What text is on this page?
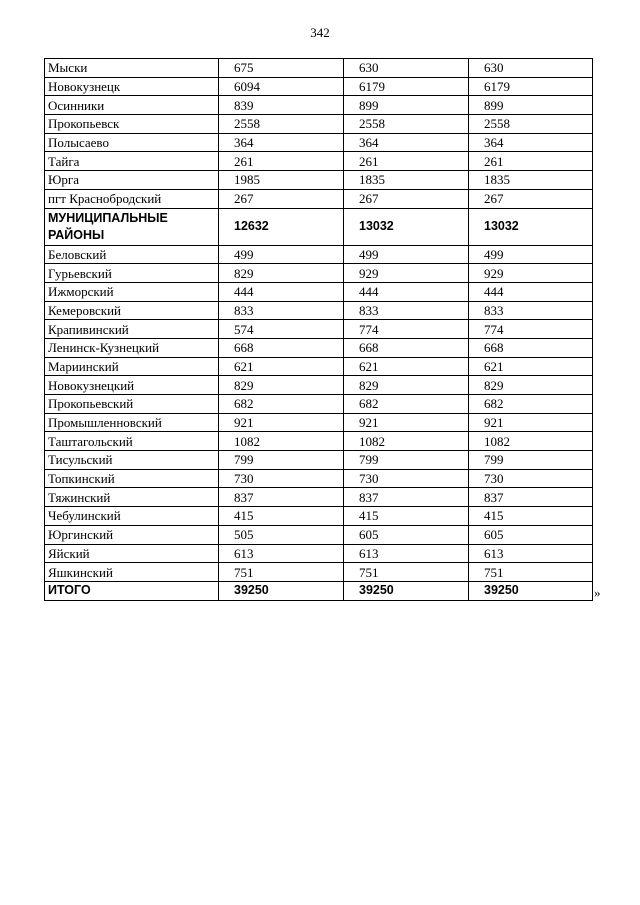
342
Мыски	675	630	630
Новокузнецк	6094	6179	6179
Осинники	839	899	899
Прокопьевск	2558	2558	2558
Полысаево	364	364	364
Тайга	261	261	261
Юрга	1985	1835	1835
пгт Краснобродский	267	267	267
МУНИЦИПАЛЬНЫЕ РАЙОНЫ	12632	13032	13032
Беловский	499	499	499
Гурьевский	829	929	929
Ижморский	444	444	444
Кемеровский	833	833	833
Крапивинский	574	774	774
Ленинск-Кузнецкий	668	668	668
Мариинский	621	621	621
Новокузнецкий	829	829	829
Прокопьевский	682	682	682
Промышленновский	921	921	921
Таштагольский	1082	1082	1082
Тисульский	799	799	799
Топкинский	730	730	730
Тяжинский	837	837	837
Чебулинский	415	415	415
Юргинский	505	605	605
Яйский	613	613	613
Яшкинский	751	751	751
ИТОГО	39250	39250	39250	»
